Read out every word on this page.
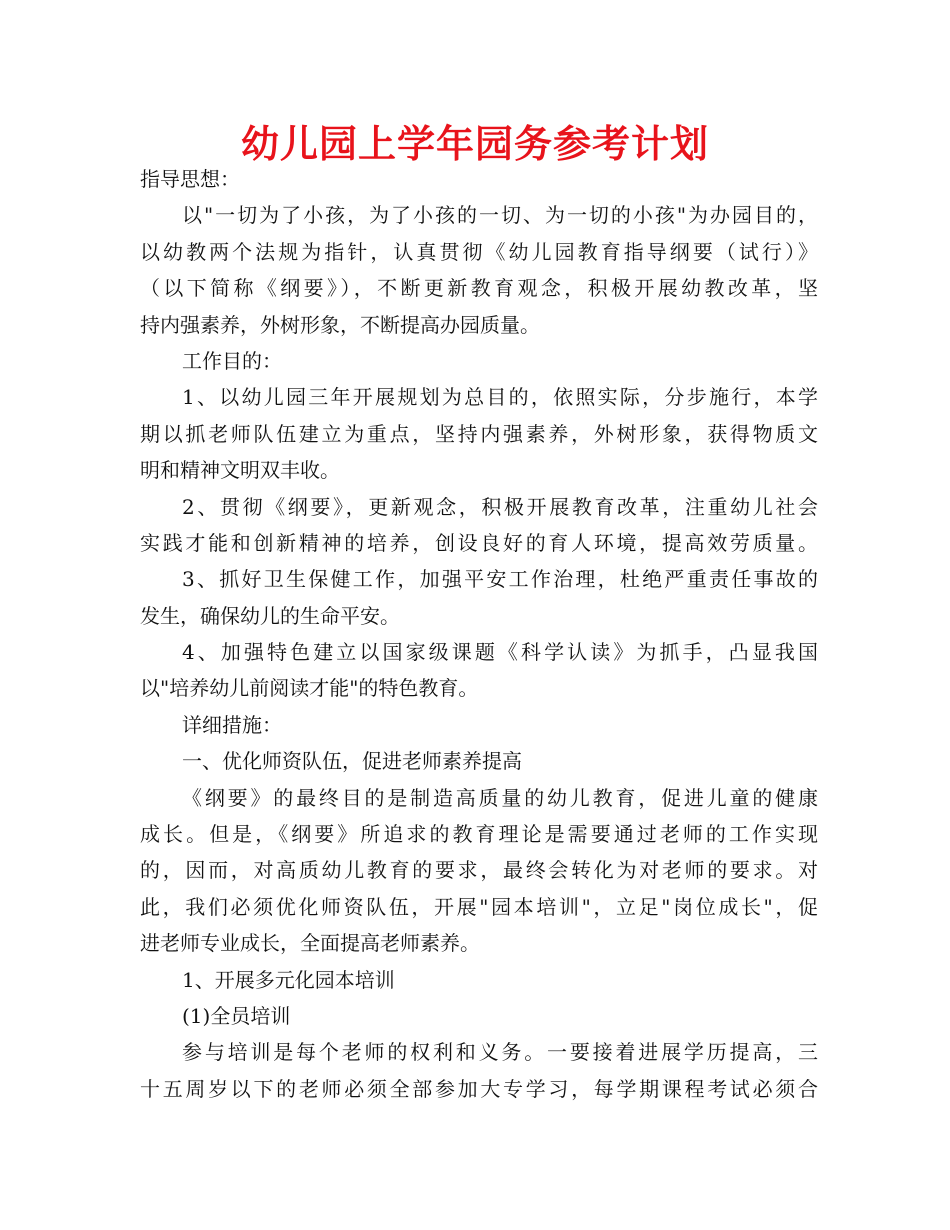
幼儿园上学年园务参考计划
指导思想：
以"一切为了小孩，为了小孩的一切、为一切的小孩"为办园目的，
以幼教两个法规为指针，认真贯彻《幼儿园教育指导纲要（试行）》
（以下简称《纲要》），不断更新教育观念，积极开展幼教改革，坚
持内强素养，外树形象，不断提高办园质量。
工作目的：
1、以幼儿园三年开展规划为总目的，依照实际，分步施行，本学
期以抓老师队伍建立为重点，坚持内强素养，外树形象，获得物质文
明和精神文明双丰收。
2、贯彻《纲要》，更新观念，积极开展教育改革，注重幼儿社会
实践才能和创新精神的培养，创设良好的育人环境，提高效劳质量。
3、抓好卫生保健工作，加强平安工作治理，杜绝严重责任事故的
发生，确保幼儿的生命平安。
4、加强特色建立以国家级课题《科学认读》为抓手，凸显我国
以"培养幼儿前阅读才能"的特色教育。
详细措施：
一、优化师资队伍，促进老师素养提高
《纲要》的最终目的是制造高质量的幼儿教育，促进儿童的健康
成长。但是，《纲要》所追求的教育理论是需要通过老师的工作实现
的，因而，对高质幼儿教育的要求，最终会转化为对老师的要求。对
此，我们必须优化师资队伍，开展"园本培训"，立足"岗位成长"，促
进老师专业成长，全面提高老师素养。
1、开展多元化园本培训
(1)全员培训
参与培训是每个老师的权利和义务。一要接着进展学历提高，三
十五周岁以下的老师必须全部参加大专学习，每学期课程考试必须合
